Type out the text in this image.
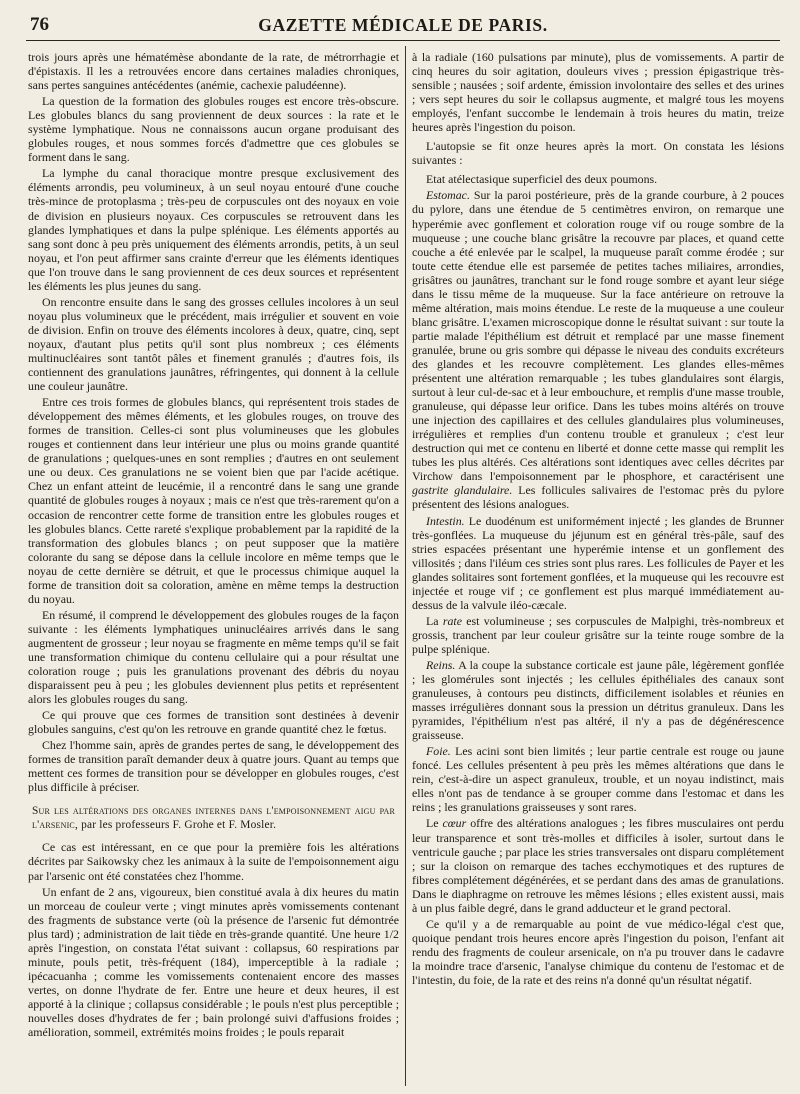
76	GAZETTE MÉDICALE DE PARIS.

trois jours après une hématémèse abondante de la rate, de métrorrhagie et d'épistaxis. Il les a retrouvées encore dans certaines maladies chroniques, sans pertes sanguines antécédentes (anémie, cachexie paludéenne).

La question de la formation des globules rouges est encore très-obscure. Les globules blancs du sang proviennent de deux sources : la rate et le système lymphatique. Nous ne connaissons aucun organe produisant des globules rouges, et nous sommes forcés d'admettre que ces globules se forment dans le sang.

La lymphe du canal thoracique montre presque exclusivement des éléments arrondis, peu volumineux, à un seul noyau entouré d'une couche très-mince de protoplasma ; très-peu de corpuscules ont des noyaux en voie de division en plusieurs noyaux. Ces corpuscules se retrouvent dans les glandes lymphatiques et dans la pulpe splénique. Les éléments apportés au sang sont donc à peu près uniquement des éléments arrondis, petits, à un seul noyau, et l'on peut affirmer sans crainte d'erreur que les éléments identiques que l'on trouve dans le sang proviennent de ces deux sources et représentent les éléments les plus jeunes du sang.

On rencontre ensuite dans le sang des grosses cellules incolores à un seul noyau plus volumineux que le précédent, mais irrégulier et souvent en voie de division. Enfin on trouve des éléments incolores à deux, quatre, cinq, sept noyaux, d'autant plus petits qu'il sont plus nombreux ; ces éléments multinucléaires sont tantôt pâles et finement granulés ; d'autres fois, ils contiennent des granulations jaunâtres, réfringentes, qui donnent à la cellule une couleur jaunâtre.

Entre ces trois formes de globules blancs, qui représentent trois stades de développement des mêmes éléments, et les globules rouges, on trouve des formes de transition. Celles-ci sont plus volumineuses que les globules rouges et contiennent dans leur intérieur une plus ou moins grande quantité de granulations ; quelques-unes en sont remplies ; d'autres en ont seulement une ou deux. Ces granulations ne se voient bien que par l'acide acétique. Chez un enfant atteint de leucémie, il a rencontré dans le sang une grande quantité de globules rouges à noyaux ; mais ce n'est que très-rarement qu'on a occasion de rencontrer cette forme de transition entre les globules rouges et les globules blancs. Cette rareté s'explique probablement par la rapidité de la transformation des globules blancs ; on peut supposer que la matière colorante du sang se dépose dans la cellule incolore en même temps que le noyau de cette dernière se détruit, et que le processus chimique auquel la forme de transition doit sa coloration, amène en même temps la destruction du noyau.

En résumé, il comprend le développement des globules rouges de la façon suivante : les éléments lymphatiques uninucléaires arrivés dans le sang augmentent de grosseur ; leur noyau se fragmente en même temps qu'il se fait une transformation chimique du contenu cellulaire qui a pour résultat une coloration rouge ; puis les granulations provenant des débris du noyau disparaissent peu à peu ; les globules deviennent plus petits et représentent alors les globules rouges du sang.

Ce qui prouve que ces formes de transition sont destinées à devenir globules sanguins, c'est qu'on les retrouve en grande quantité chez le fœtus.

Chez l'homme sain, après de grandes pertes de sang, le développement des formes de transition paraît demander deux à quatre jours. Quant au temps que mettent ces formes de transition pour se développer en globules rouges, c'est plus difficile à préciser.

Sur les altérations des organes internes dans l'empoisonnement aigu par l'arsenic, par les professeurs F. Grohe et F. Mosler.

Ce cas est intéressant, en ce que pour la première fois les altérations décrites par Saikowsky chez les animaux à la suite de l'empoisonnement aigu par l'arsenic ont été constatées chez l'homme.

Un enfant de 2 ans, vigoureux, bien constitué avala à dix heures du matin un morceau de couleur verte ; vingt minutes après vomissements contenant des fragments de substance verte (où la présence de l'arsenic fut démontrée plus tard) ; administration de lait tiède en très-grande quantité. Une heure 1/2 après l'ingestion, on constata l'état suivant : collapsus, 60 respirations par minute, pouls petit, très-fréquent (184), imperceptible à la radiale ; ipécacuanha ; comme les vomissements contenaient encore des masses vertes, on donne l'hydrate de fer. Entre une heure et deux heures, il est apporté à la clinique ; collapsus considérable ; le pouls n'est plus perceptible ; nouvelles doses d'hydrates de fer ; bain prolongé suivi d'affusions froides ; amélioration, sommeil, extrémités moins froides ; le pouls reparait

à la radiale (160 pulsations par minute), plus de vomissements. A partir de cinq heures du soir agitation, douleurs vives ; pression épigastrique très-sensible ; nausées ; soif ardente, émission involontaire des selles et des urines ; vers sept heures du soir le collapsus augmente, et malgré tous les moyens employés, l'enfant succombe le lendemain à trois heures du matin, treize heures après l'ingestion du poison.

L'autopsie se fit onze heures après la mort. On constata les lésions suivantes :

Etat atélectasique superficiel des deux poumons.

Estomac. Sur la paroi postérieure, près de la grande courbure, à 2 pouces du pylore, dans une étendue de 5 centimètres environ, on remarque une hyperémie avec gonflement et coloration rouge vif ou rouge sombre de la muqueuse ; une couche blanc grisâtre la recouvre par places, et quand cette couche a été enlevée par le scalpel, la muqueuse paraît comme érodée ; sur toute cette étendue elle est parsemée de petites taches miliaires, arrondies, grisâtres ou jaunâtres, tranchant sur le fond rouge sombre et ayant leur siége dans le tissu même de la muqueuse. Sur la face antérieure on retrouve la même altération, mais moins étendue. Le reste de la muqueuse a une couleur blanc grisâtre. L'examen microscopique donne le résultat suivant : sur toute la partie malade l'épithélium est détruit et remplacé par une masse finement granulée, brune ou gris sombre qui dépasse le niveau des conduits excréteurs des glandes et les recouvre complètement. Les glandes elles-mêmes présentent une altération remarquable ; les tubes glandulaires sont élargis, surtout à leur cul-de-sac et à leur embouchure, et remplis d'une masse trouble, granuleuse, qui dépasse leur orifice. Dans les tubes moins altérés on trouve une injection des capillaires et des cellules glandulaires plus volumineuses, irrégulières et remplies d'un contenu trouble et granuleux ; c'est leur destruction qui met ce contenu en liberté et donne cette masse qui remplit les tubes les plus altérés. Ces altérations sont identiques avec celles décrites par Virchow dans l'empoisonnement par le phosphore, et caractérisent une gastrite glandulaire. Les follicules salivaires de l'estomac près du pylore présentent des lésions analogues.

Intestin. Le duodénum est uniformément injecté ; les glandes de Brunner très-gonflées. La muqueuse du jéjunum est en général très-pâle, sauf des stries espacées présentant une hyperémie intense et un gonflement des villosités ; dans l'iléum ces stries sont plus rares. Les follicules de Payer et les glandes solitaires sont fortement gonflées, et la muqueuse qui les recouvre est injectée et rouge vif ; ce gonflement est plus marqué immédiatement au-dessus de la valvule iléo-cæcale.

La rate est volumineuse ; ses corpuscules de Malpighi, très-nombreux et grossis, tranchent par leur couleur grisâtre sur la teinte rouge sombre de la pulpe splénique.

Reins. A la coupe la substance corticale est jaune pâle, légèrement gonflée ; les glomérules sont injectés ; les cellules épithéliales des canaux sont granuleuses, à contours peu distincts, difficilement isolables et réunies en masses irrégulières donnant sous la pression un détritus granuleux. Dans les pyramides, l'épithélium n'est pas altéré, il n'y a pas de dégénérescence graisseuse.

Foie. Les acini sont bien limités ; leur partie centrale est rouge ou jaune foncé. Les cellules présentent à peu près les mêmes altérations que dans le rein, c'est-à-dire un aspect granuleux, trouble, et un noyau indistinct, mais elles n'ont pas de tendance à se grouper comme dans l'estomac et dans les reins ; les granulations graisseuses y sont rares.

Le cœur offre des altérations analogues ; les fibres musculaires ont perdu leur transparence et sont très-molles et difficiles à isoler, surtout dans le ventricule gauche ; par place les stries transversales ont disparu complétement ; sur la cloison on remarque des taches ecchymotiques et des ruptures de fibres complétement dégénérées, et se perdant dans des amas de granulations. Dans le diaphragme on retrouve les mêmes lésions ; elles existent aussi, mais à un plus faible degré, dans le grand adducteur et le grand pectoral.

Ce qu'il y a de remarquable au point de vue médico-légal c'est que, quoique pendant trois heures encore après l'ingestion du poison, l'enfant ait rendu des fragments de couleur arsenicale, on n'a pu trouver dans le cadavre la moindre trace d'arsenic, l'analyse chimique du contenu de l'estomac et de l'intestin, du foie, de la rate et des reins n'a donné qu'un résultat négatif.
